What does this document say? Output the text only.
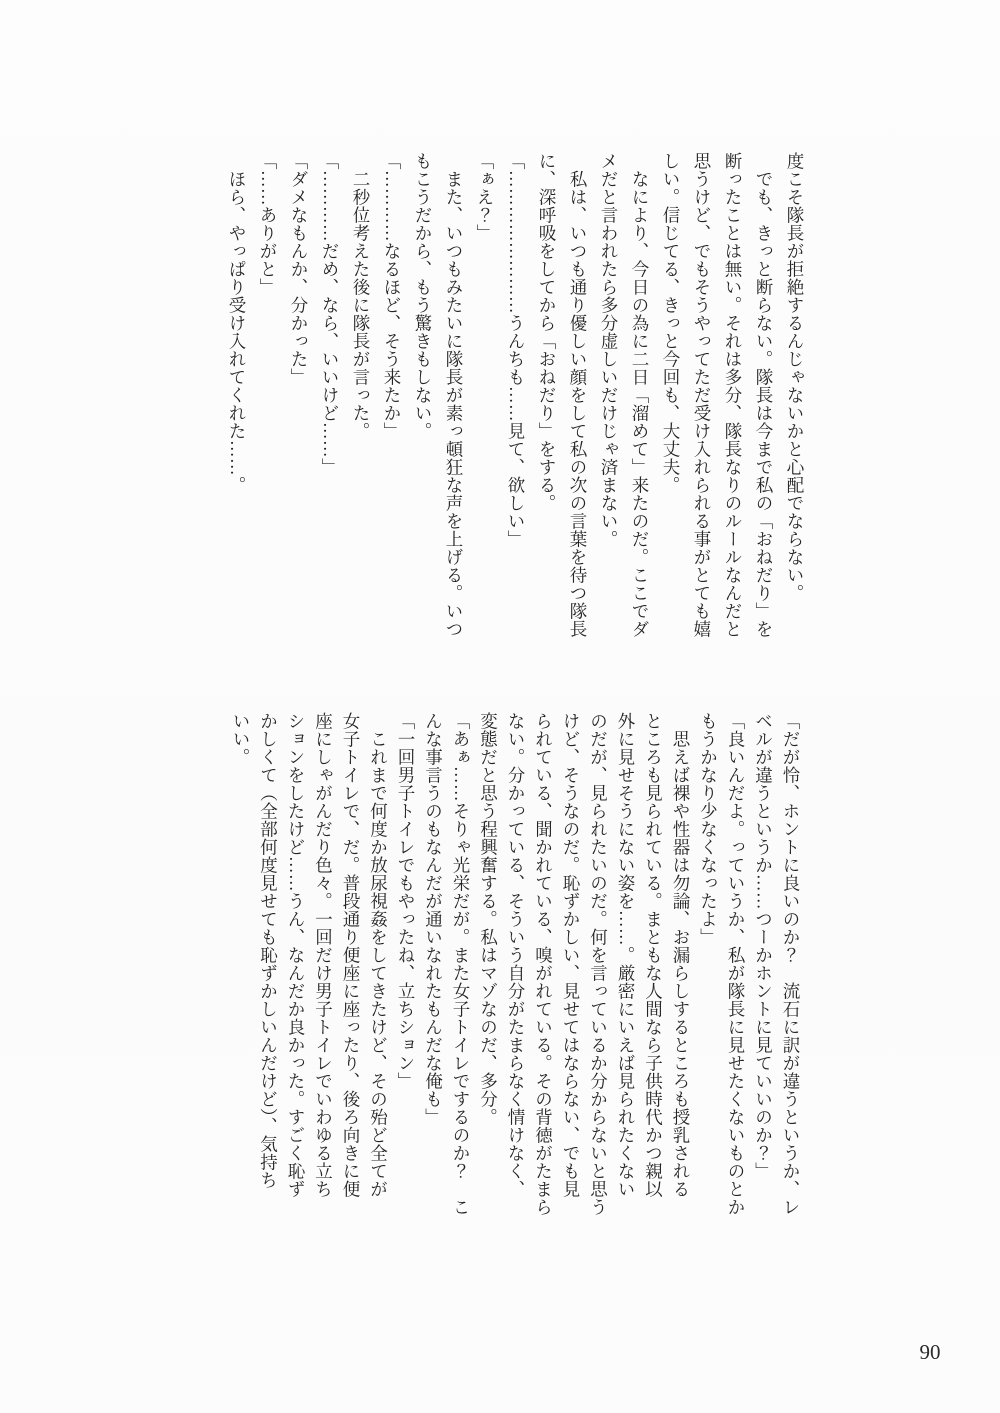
度こそ隊長が拒絶するんじゃないかと心配でならない。
　でも、きっと断らない。隊長は今まで私の「おねだり」を
断ったことは無い。それは多分、隊長なりのルールなんだと
思うけど、でもそうやってただ受け入れられる事がとても嬉
しい。信じてる、きっと今回も、大丈夫。
　なにより、今日の為に二日「溜めて」来たのだ。ここでダ
メだと言われたら多分虚しいだけじゃ済まない。
　私は、いつも通り優しい顔をして私の次の言葉を待つ隊長
に、深呼吸をしてから「おねだり」をする。
「……………………うんちも……見て、欲しい」
「ぁえ？」
　また、いつもみたいに隊長が素っ頓狂な声を上げる。いつ
もこうだから、もう驚きもしない。
「…………なるほど、そう来たか」
　二秒位考えた後に隊長が言った。
「…………だめ、なら、いいけど……」
「ダメなもんか、分かった」
「……ありがと」
　ほら、やっぱり受け入れてくれた……。
「だが怜、ホントに良いのか？　流石に訳が違うというか、レ
ベルが違うというか……つーかホントに見ていいのか？」
「良いんだよ。っていうか、私が隊長に見せたくないものとか
もうかなり少なくなったよ」
　思えば裸や性器は勿論、お漏らしするところも授乳される
ところも見られている。まともな人間なら子供時代かつ親以
外に見せそうにない姿を……。厳密にいえば見られたくない
のだが、見られたいのだ。何を言っているか分からないと思う
けど、そうなのだ。恥ずかしい、見せてはならない、でも見
られている、聞かれている、嗅がれている。その背徳がたまら
ない。分かっている、そういう自分がたまらなく情けなく、
変態だと思う程興奮する。私はマゾなのだ、多分。
「あぁ……そりゃ光栄だが。また女子トイレでするのか？　こ
んな事言うのもなんだが通いなれたもんだな俺も」
「一回男子トイレでもやったね、立ちション」
　これまで何度か放尿視姦をしてきたけど、その殆ど全てが
女子トイレで、だ。普段通り便座に座ったり、後ろ向きに便
座にしゃがんだり色々。一回だけ男子トイレでいわゆる立ち
ションをしたけど……うん、なんだか良かった。すごく恥ず
かしくて（全部何度見せても恥ずかしいんだけど）、気持ち
いい。
90
